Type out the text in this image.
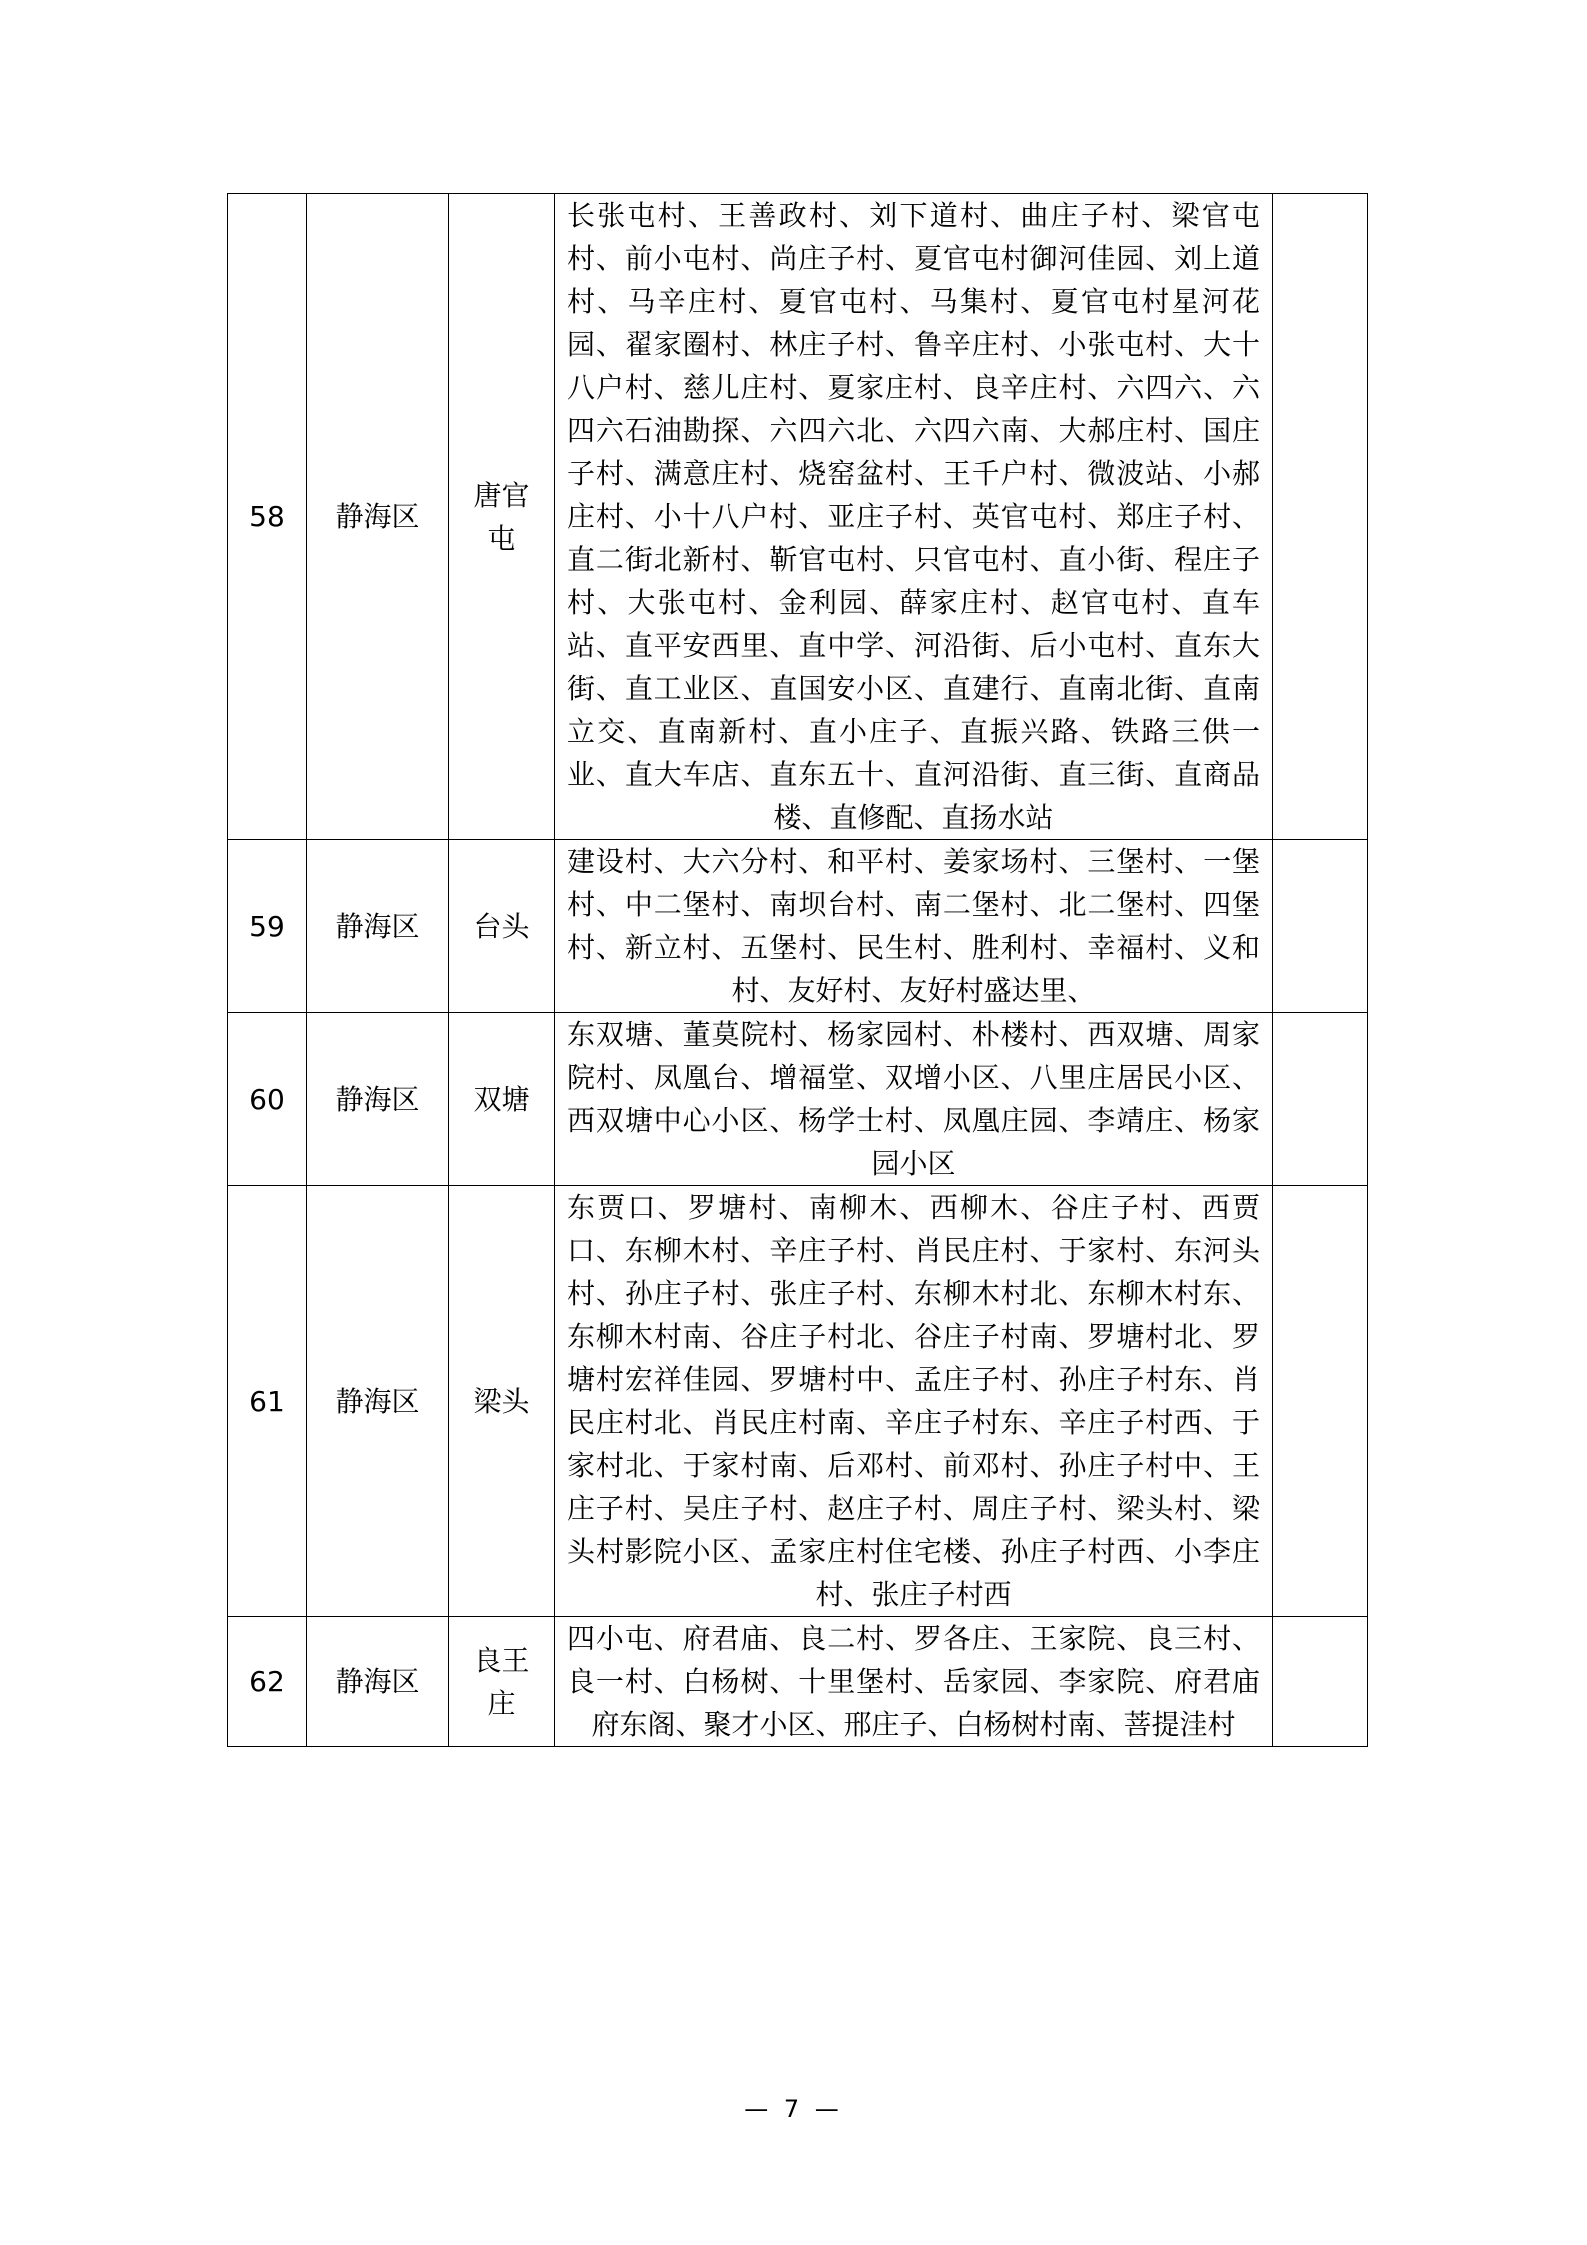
58	静海区	唐官屯	长张屯村、王善政村、刘下道村、曲庄子村、梁官屯村、前小屯村、尚庄子村、夏官屯村御河佳园、刘上道村、马辛庄村、夏官屯村、马集村、夏官屯村星河花园、翟家圈村、林庄子村、鲁辛庄村、小张屯村、大十八户村、慈儿庄村、夏家庄村、良辛庄村、六四六、六四六石油勘探、六四六北、六四六南、大郝庄村、国庄子村、满意庄村、烧窑盆村、王千户村、微波站、小郝庄村、小十八户村、亚庄子村、英官屯村、郑庄子村、直二街北新村、靳官屯村、只官屯村、直小街、程庄子村、大张屯村、金利园、薛家庄村、赵官屯村、直车站、直平安西里、直中学、河沿街、后小屯村、直东大街、直工业区、直国安小区、直建行、直南北街、直南立交、直南新村、直小庄子、直振兴路、铁路三供一业、直大车店、直东五十、直河沿街、直三街、直商品楼、直修配、直扬水站	
59	静海区	台头	建设村、大六分村、和平村、姜家场村、三堡村、一堡村、中二堡村、南坝台村、南二堡村、北二堡村、四堡村、新立村、五堡村、民生村、胜利村、幸福村、义和村、友好村、友好村盛达里、	
60	静海区	双塘	东双塘、董莫院村、杨家园村、朴楼村、西双塘、周家院村、凤凰台、增福堂、双增小区、八里庄居民小区、西双塘中心小区、杨学士村、凤凰庄园、李靖庄、杨家园小区	
61	静海区	梁头	东贾口、罗塘村、南柳木、西柳木、谷庄子村、西贾口、东柳木村、辛庄子村、肖民庄村、于家村、东河头村、孙庄子村、张庄子村、东柳木村北、东柳木村东、东柳木村南、谷庄子村北、谷庄子村南、罗塘村北、罗塘村宏祥佳园、罗塘村中、孟庄子村、孙庄子村东、肖民庄村北、肖民庄村南、辛庄子村东、辛庄子村西、于家村北、于家村南、后邓村、前邓村、孙庄子村中、王庄子村、吴庄子村、赵庄子村、周庄子村、梁头村、梁头村影院小区、孟家庄村住宅楼、孙庄子村西、小李庄村、张庄子村西	
62	静海区	良王庄	四小屯、府君庙、良二村、罗各庄、王家院、良三村、良一村、白杨树、十里堡村、岳家园、李家院、府君庙府东阁、聚才小区、邢庄子、白杨树村南、菩提洼村	
— 7 —
